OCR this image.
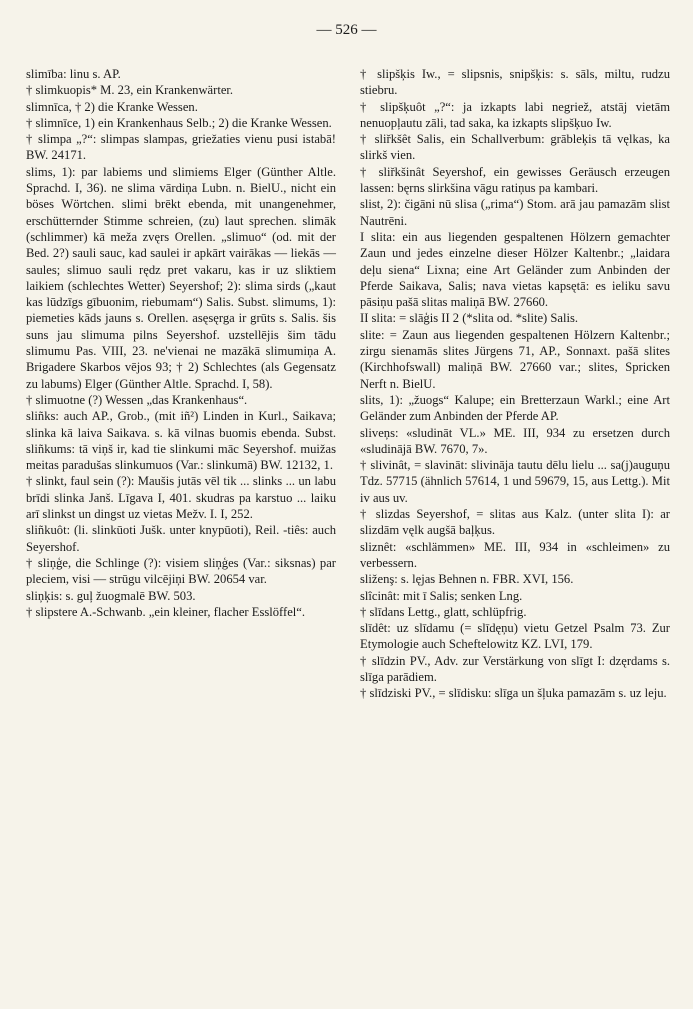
— 526 —

slimība: linu s. AP.

† slimkuopis* M. 23, ein Krankenwärter.

slimnīca, † 2) die Kranke Wessen.

† slimnīce, 1) ein Krankenhaus Selb.; 2) die Kranke Wessen.

† slimpa „?“: slimpas slampas, griežaties vienu pusi istabā! BW. 24171.

slims, 1): par labiems und slimiems Elger (Günther Altle. Sprachd. I, 36). ne slima vārdiņa Lubn. n. BielU., nicht ein böses Wörtchen. slimi brēkt ebenda, mit unangenehmer, erschütternder Stimme schreien, (zu) laut sprechen. slimāk (schlimmer) kā meža zvęrs Orellen. „slimuo“ (od. mit der Bed. 2?) sauli sauc, kad saulei ir apkārt vairākas — liekās — saules; slimuo sauli rędz pret vakaru, kas ir uz sliktiem laikiem (schlechtes Wetter) Seyershof; 2): slima sirds („kaut kas lūdzīgs gībuonim, riebumam“) Salis. Subst. slimums, 1): piemeties kāds jauns s. Orellen. asęsęrga ir grūts s. Salis. šis suns jau slimuma pilns Seyershof. uzstellējis šim tādu slimumu Pas. VIII, 23. ne'vienai ne mazākā slimumiņa A. Brigadere Skarbos vējos 93; † 2) Schlechtes (als Gegensatz zu labums) Elger (Günther Altle. Sprachd. I, 58).

† slimuotne (?) Wessen „das Krankenhaus“.

sliñks: auch AP., Grob., (mit iñ²) Linden in Kurl., Saikava; slinka kā laiva Saikava. s. kā vilnas buomis ebenda. Subst. sliñkums: tā viņš ir, kad tie slinkumi māc Seyershof. muižas meitas paradušas slinkumuos (Var.: slinkumā) BW. 12132, 1.

† slinkt, faul sein (?): Maušis jutās vēl tik ... slinks ... un labu brīdi slinka Janš. Līgava I, 401. skudras pa karstuo ... laiku arī slinkst un dingst uz vietas Mežv. I. I, 252.

sliñkuôt: (li. slinkūoti Jušk. unter knypūoti), Reil. -tiês: auch Seyershof.

† sliņģe, die Schlinge (?): visiem sliņģes (Var.: siksnas) par pleciem, visi — strūgu vilcējiņi BW. 20654 var.

sliņķis: s. guļ žuogmalē BW. 503.

† slipstere A.-Schwanb. „ein kleiner, flacher Esslöffel“.

† slipšķis Iw., = slipsnis, snipšķis: s. sāls, miltu, rudzu stiebru.

† slipšķuôt „?“: ja izkapts labi negriež, atstāj vietām nenuopļautu zāli, tad saka, ka izkapts slipšķuo Iw.

† sliřkšêt Salis, ein Schallverbum: grābleķis tā vęlkas, ka slirkš vien.

† sliřkšinât Seyershof, ein gewisses Geräusch erzeugen lassen: bęrns slirkšina vāgu ratiņus pa kambari.

slist, 2): čigāni nū slisa („rima“) Stom. arā jau pamazām slist Nautrēni.

I slita: ein aus liegenden gespaltenen Hölzern gemachter Zaun und jedes einzelne dieser Hölzer Kaltenbr.; „laidara deļu siena“ Lixna; eine Art Geländer zum Anbinden der Pferde Saikava, Salis; nava vietas kapsętā: es ieliku savu pāsiņu pašā slitas maliņā BW. 27660.

II slita: = slāģis II 2 (*slita od. *slite) Salis.

slite: = Zaun aus liegenden gespaltenen Hölzern Kaltenbr.; zirgu sienamās slites Jürgens 71, AP., Sonnaxt. pašā slites (Kirchhofswall) maliņā BW. 27660 var.; slites, Spricken Nerft n. BielU.

slits, 1): „žuogs“ Kalupe; ein Bretterzaun Warkl.; eine Art Geländer zum Anbinden der Pferde AP.

sliveņs: «sludināt VL.» ME. III, 934 zu ersetzen durch «sludinājā BW. 7670, 7».

† slivinât, = slavināt: slivināja tautu dēlu lielu ... sa(j)auguņu Tdz. 57715 (ähnlich 57614, 1 und 59679, 15, aus Lettg.). Mit iv aus uv.

† slizdas Seyershof, = slitas aus Kalz. (unter slita I): ar slizdām vęlk augšā baļķus.

sliznêt: «schlämmen» ME. III, 934 in «schleimen» zu verbessern.

sliženş: s. lęjas Behnen n. FBR. XVI, 156.

slîcinât: mit ī Salis; senken Lng.

† slīdans Lettg., glatt, schlüpfrig.

slīdêt: uz slīdamu (= slīdęņu) vietu Getzel Psalm 73. Zur Etymologie auch Scheftelowitz KZ. LVI, 179.

† slīdzin PV., Adv. zur Verstärkung von slīgt I: dzęrdams s. slīga parādiem.

† slīdziski PV., = slīdisku: slīga un šļuka pamazām s. uz leju.
